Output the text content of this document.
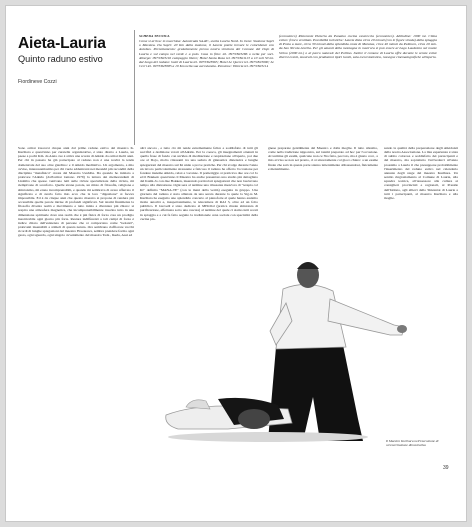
Aieta-Lauria
Quinto raduno estivo
Fiordineve Cozzi
SCHEDA TECNICA
Come si arriva: in macchina: Autostrada SA-RC, uscita Lauria Nord. In treno: Stazione Sapri o Maratea. Da Sapri: 20 Km dalla stazione, il Lauria potete trovare le coincidenze con Autobus. Pernottamento: gratuitamente presso nostra struttura del Comune del Dojo di Lauria e sul campo nel verde e a polo. Casa in fitto: tel. 0973/823286 o nella per soci. Albergo: 0973/823116 campeggio libero; Hotel Santa Rosa tel. 0973/821113 a 10 soli 50 mt. dal luogo del raduno: hotel di Lauria tel. 0973/823965; Hotel Le Querce tel. 0973/823090; Le Cerri tel. 0973/823085 a 10 Km nella sua aerovianzia. Pensione: Vittoria tel. 0973/823114
(economico) Ristorante Pizzeria da Panaiuo cucina casereccia (economico). Altitudine: 1000 mt. Clima estivo: fresco ventilato. Possibilità turistiche: Lauria dista circa 20 minuti (con le figure strada) dalla spiaggia di Praia a mare, circa 30 minuti dalla splendida costa di Maratea, circa 40 minuti da Palinuro, circa 20 min. da San Nicola Arcella. Per gli amanti della montagna in mezz'ora si può essere al Lago Laudemio sul monte Sirino (2000 mt.) o al parco naturale del Pollino. Inoltre il comune di Lauria offre durante le serate estive diversi eventi, musicali con produzioni tipici locali, sala escursionistica, rassegne cinematografiche all'aperto.
Sono ormai trascorsi cinque anni dal primo raduno estivo del maestro K. Kurihara e quest'anno per curatelle organizzative, è stato diretto a Lauria, un paese a pochi Km. da Aieta ove è attiva una scuola di Aikido da ormai molti anni. Per chi in passato ha già partecipato al raduno non è una novità la tenda domenicale del suo oltre giardino: e il Aikido meditativo. Un argomento, a mio avviso, interessantissimo per chi vuole addentrarsi nei meandri più reconditi della disciplina "metafisica" creata dal Maestro Ueshiba. Da quando ho iniziato a praticare l'Aikido (dall'ormai lontano 1979) la lettura dei memorandum di Ueshiba che spesso venivano letti sulle riviste specializzate della rivista, mi riempivano di sconforto. Quelle strane parole, un misto di filosofia, religione e shintoismo, mi erano incomprensibili, e quando mi sembrava di avere afferrato il significato e di averlo fatto mio ecco che la loro "digestione" si faceva impossibile. Ed è da cinque anni che questo maestro si propone di rendere più accessibile quelle parole intrise di profondi significati. Sul tatami finalmente la filosofia diventa realtà e movimento e tutto inizia a diventare più chiaro: si respira una atmosfera magnetica, che incomprensibilmente trascina tutto in una dimensione spirituale dove una realtà che è più fisica di forza crea un prodigio inestricabile ogni giorno più forte. Restare indifferenti a tali campi di forza è indice chiaro dell'esistenza di persone che si comportano come "isolanti", praticanti insensibili a stimoli di questa natura. Ora sembrano riaffiorare vecchi ricordi di lunghe spiegazioni del maestro Hosokawa, sembra prendere forma ogni gesto, ogni sguardo, ogni singolo avvenimento del maestro Tada , Ikeda, Asai ed
altri ancora , e tutto ciò mi rende estremamente felice e soddisfatto di tutti gli sacrifici e dedizione votati all'Aikido. Per la coesca, gli insegnamenti ottenuti in quella frase di fondo con un'idea di meditazione e respirazione all'aperto, poi due ore al Dojo, molto rilassanti tra una seduta di ginnastica distensiva e lunghe spiegazioni del maestro sul Ki unite a prove pratiche. Per chi svolge durante l'anno un lavoro particolarmente stressante e faticoso il raduno ha offerto l'occasione per fondere insieme Aikido, relax e vacanze. Il pomeriggio si praticava due ore col Jo ed il Bokken: quest'anno il Maestro ha anche presentato uno studio più dettagliato del Kumi-Jo con due Bokken, inserendo particolari spiegazioni che non lasciavano tempo alla distrazione. Ogni sera al termine una rilassante mezz'ora di "terapia col Ki" definita "MANA-TE" (con le mani della verità) eseguita in gruppo. Una giornata del raduno è stata allietata da una serata durante la quale la Sig.ra M. Kurihara ha eseguito uno splendido concerto al pianoforte al quale hanno assistito molte autorità e, inaspettatamente, le telecamere di RAI 3, oltre ad un folto pubblico. Il Giovedì è stato dedicato al MISOGI (pratica rituale shintoista di purificazione, effettuata sotto una cascata) al termine del quale ci siamo tutti recati in spiaggia e a cui fa fatto seguito la tradizionale cena sociale con specialità della cucina pia-
gnese preparate gentilmente dal Maestro e dalla moglie. Il tutto allestito, come nella tradizione nipponica, sul tatami preparato ad hoc per l'occasione. Al termine gli esami, qualcuno non ce l'ha fatta, peccato, ma è giusto così , a mio avviso se non sei pronto, ci si sinceramente col gioco chiaro: a un esame finale che sarà in questa parte stanno letteralmente abbassandosi, fisicamente e mentalmente.
sando la qualità della preparazione degli Aikidoisti della nostra Associazione. La mia esperienza è stata di subito calorosa e soddisfatto dei partecipanti e del maestro, ma soprattutto l'arrivederci all'anno prossimo a Lauria il che presuppone probabilmente l'inserimento del raduno estivo nel calendario annuale degli stage del maestro Kurihara. Un sentito ringraziamento al Comune di Lauria, alla squadra tecnica, all'Assessore alla cultura ai consiglieri provinciali e regionali, al Preside dell'Istituto, agli allievi dello Shizentai di Lauria a tutti i partecipanti, al maestro Kurihara e alla moglie.
Il Maestro Kurihara nell'esecuzione di un'esercitazione dimostrativa
39
